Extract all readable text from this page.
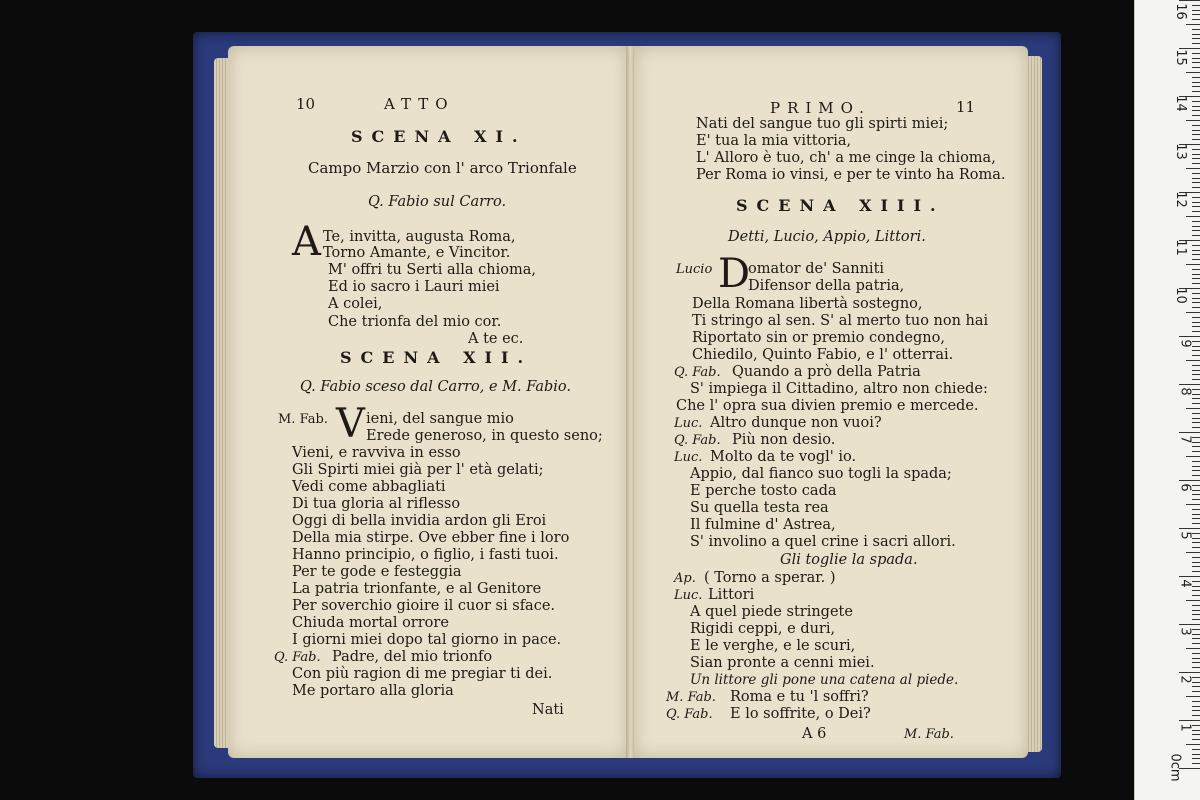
10	ATTO
SCENA XI.
Campo Marzio con l' arco Trionfale
Q. Fabio sul Carro.
A Te, invitta, augusta Roma,
Torno Amante, e Vincitor.
M' offri tu Serti alla chioma,
Ed io sacro i Lauri miei
A colei,
Che trionfa del mio cor.
A te ec.
SCENA XII.
Q. Fabio sceso dal Carro, e M. Fabio.
M. Fab. V ieni, del sangue mio
Erede generoso, in questo seno;
Vieni, e ravviva in esso
Gli Spirti miei già per l' età gelati;
Vedi come abbagliati
Di tua gloria al riflesso
Oggi di bella invidia ardon gli Eroi
Della mia stirpe. Ove ebber fine i loro
Hanno principio, o figlio, i fasti tuoi.
Per te gode e festeggia
La patria trionfante, e al Genitore
Per soverchio gioire il cuor si sface.
Chiuda mortal orrore
I giorni miei dopo tal giorno in pace.
Q. Fab. Padre, del mio trionfo
Con più ragion di me pregiar ti dei.
Me portaro alla gloria
Nati
PRIMO.	11
Nati del sangue tuo gli spirti miei;
E' tua la mia vittoria,
L' Alloro è tuo, ch' a me cinge la chioma,
Per Roma io vinsi, e per te vinto ha Roma.
SCENA XIII.
Detti, Lucio, Appio, Littori.
Lucio D
omator de' Sanniti
Difensor della patria,
Della Romana libertà sostegno,
Ti stringo al sen. S' al merto tuo non hai
Riportato sin or premio condegno,
Chiedilo, Quinto Fabio, e l' otterrai.
Q. Fab. Quando a prò della Patria
S' impiega il Cittadino, altro non chiede:
Che l' opra sua divien premio e mercede.
Luc. Altro dunque non vuoi?
Q. Fab. Più non desio.
Luc. Molto da te vogl' io.
Appio, dal fianco suo togli la spada;
E perche tosto cada
Su quella testa rea
Il fulmine d' Astrea,
S' involino a quel crine i sacri allori.
Gli toglie la spada.
Ap. ( Torno a sperar. )
Luc. Littori
A quel piede stringete
Rigidi ceppi, e duri,
E le verghe, e le scuri,
Sian pronte a cenni miei.
Un littore gli pone una catena al piede.
M. Fab. Roma e tu 'l soffri?
Q. Fab. E lo soffrite, o Dei?
A 6	M. Fab.
0cm
1
2
3
4
5
6
7
8
9
10
11
12
13
14
15
16
